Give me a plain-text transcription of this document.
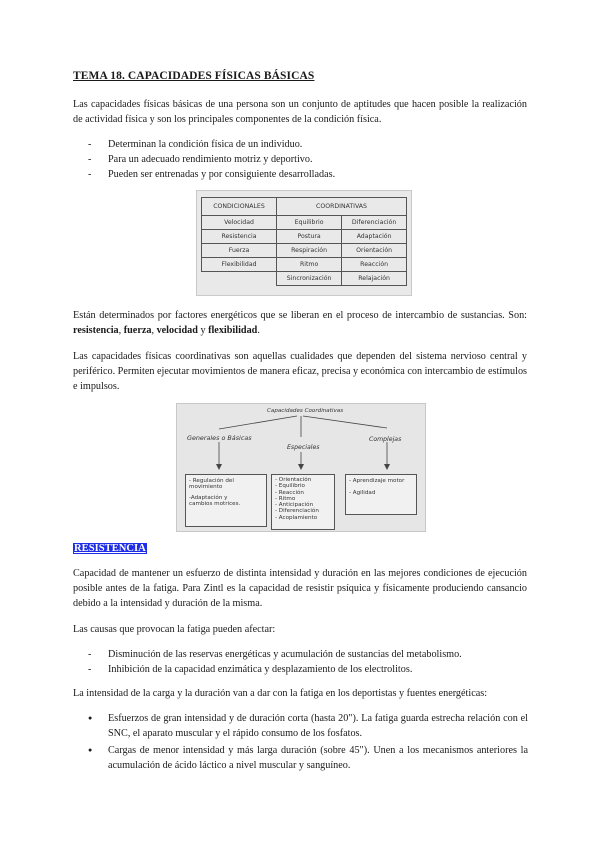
TEMA 18. CAPACIDADES FÍSICAS BÁSICAS

Las capacidades físicas básicas de una persona son un conjunto de aptitudes que hacen posible la realización de actividad física y son los principales componentes de la condición física.

- Determinan la condición física de un individuo.
- Para un adecuado rendimiento motriz y deportivo.
- Pueden ser entrenadas y por consiguiente desarrolladas.
CONDICIONALES	COORDINATIVAS	
Velocidad	Equilibrio	Diferenciación
Resistencia	Postura	Adaptación
Fuerza	Respiración	Orientación
Flexibilidad	Ritmo	Reacción
	Sincronización	Relajación

Están determinados por factores energéticos que se liberan en el proceso de intercambio de sustancias. Son: resistencia, fuerza, velocidad y flexibilidad.

Las capacidades físicas coordinativas son aquellas cualidades que dependen del sistema nervioso central y periférico. Permiten ejecutar movimientos de manera eficaz, precisa y económica con intercambio de estímulos e impulsos.

Capacidades Coordinativas
Generales o Básicas
Especiales
Complejas
- Regulación del
movimiento
-Adaptación y
cambios motrices.
- Orientación
- Equilibrio
- Reacción
- Ritmo
- Anticipación
- Diferenciación
- Acoplamiento
- Aprendizaje motor
- Agilidad
RESISTENCIA

Capacidad de mantener un esfuerzo de distinta intensidad y duración en las mejores condiciones de ejecución posible antes de la fatiga. Para Zintl es la capacidad de resistir psíquica y físicamente produciendo cansancio debido a la intensidad y duración de la misma.

Las causas que provocan la fatiga pueden afectar:

- Disminución de las reservas energéticas y acumulación de sustancias del metabolismo.
- Inhibición de la capacidad enzimática y desplazamiento de los electrolitos.

La intensidad de la carga y la duración van a dar con la fatiga en los deportistas y fuentes energéticas:

● Esfuerzos de gran intensidad y de duración corta (hasta 20"). La fatiga guarda estrecha relación con el SNC, el aparato muscular y el rápido consumo de los fosfatos.
● Cargas de menor intensidad y más larga duración (sobre 45"). Unen a los mecanismos anteriores la acumulación de ácido láctico a nivel muscular y sanguíneo.
